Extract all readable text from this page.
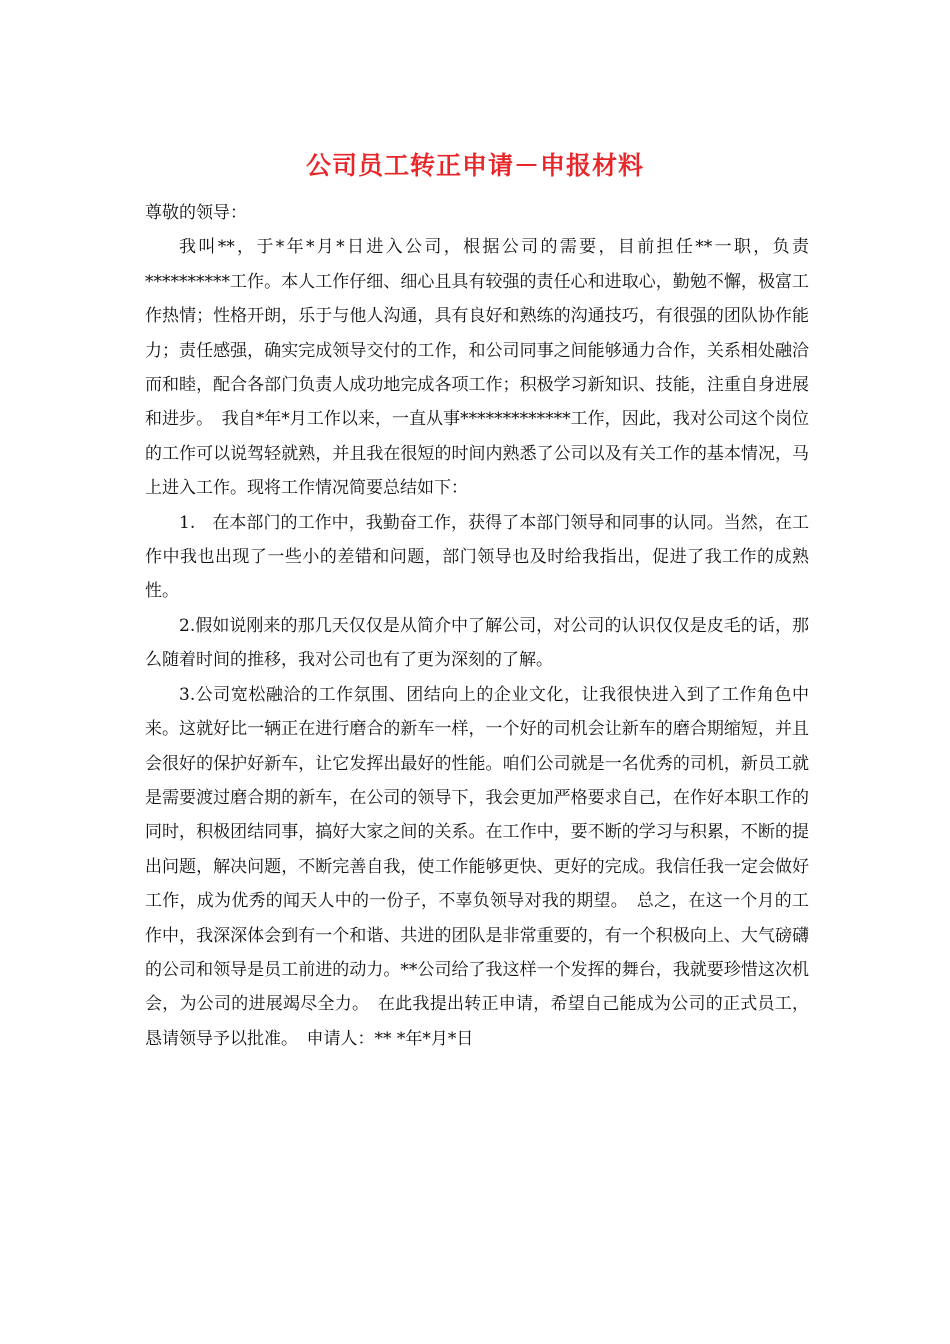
公司员工转正申请－申报材料

尊敬的领导：

我叫**，于*年*月*日进入公司，根据公司的需要，目前担任**一职，负责**********工作。本人工作仔细、细心且具有较强的责任心和进取心，勤勉不懈，极富工作热情；性格开朗，乐于与他人沟通，具有良好和熟练的沟通技巧，有很强的团队协作能力；责任感强，确实完成领导交付的工作，和公司同事之间能够通力合作，关系相处融洽而和睦，配合各部门负责人成功地完成各项工作；积极学习新知识、技能，注重自身进展和进步。　我自*年*月工作以来，一直从事*************工作，因此，我对公司这个岗位的工作可以说驾轻就熟，并且我在很短的时间内熟悉了公司以及有关工作的基本情况，马上进入工作。现将工作情况简要总结如下：

1.　在本部门的工作中，我勤奋工作，获得了本部门领导和同事的认同。当然，在工作中我也出现了一些小的差错和问题，部门领导也及时给我指出，促进了我工作的成熟性。

2.假如说刚来的那几天仅仅是从简介中了解公司，对公司的认识仅仅是皮毛的话，那么随着时间的推移，我对公司也有了更为深刻的了解。

3.公司宽松融洽的工作氛围、团结向上的企业文化，让我很快进入到了工作角色中来。这就好比一辆正在进行磨合的新车一样，一个好的司机会让新车的磨合期缩短，并且会很好的保护好新车，让它发挥出最好的性能。咱们公司就是一名优秀的司机，新员工就是需要渡过磨合期的新车，在公司的领导下，我会更加严格要求自己，在作好本职工作的同时，积极团结同事，搞好大家之间的关系。在工作中，要不断的学习与积累，不断的提出问题，解决问题，不断完善自我，使工作能够更快、更好的完成。我信任我一定会做好工作，成为优秀的闻天人中的一份子，不辜负领导对我的期望。　总之，在这一个月的工作中，我深深体会到有一个和谐、共进的团队是非常重要的，有一个积极向上、大气磅礴的公司和领导是员工前进的动力。**公司给了我这样一个发挥的舞台，我就要珍惜这次机会，为公司的进展竭尽全力。　在此我提出转正申请，希望自己能成为公司的正式员工，恳请领导予以批准。　申请人：** *年*月*日
